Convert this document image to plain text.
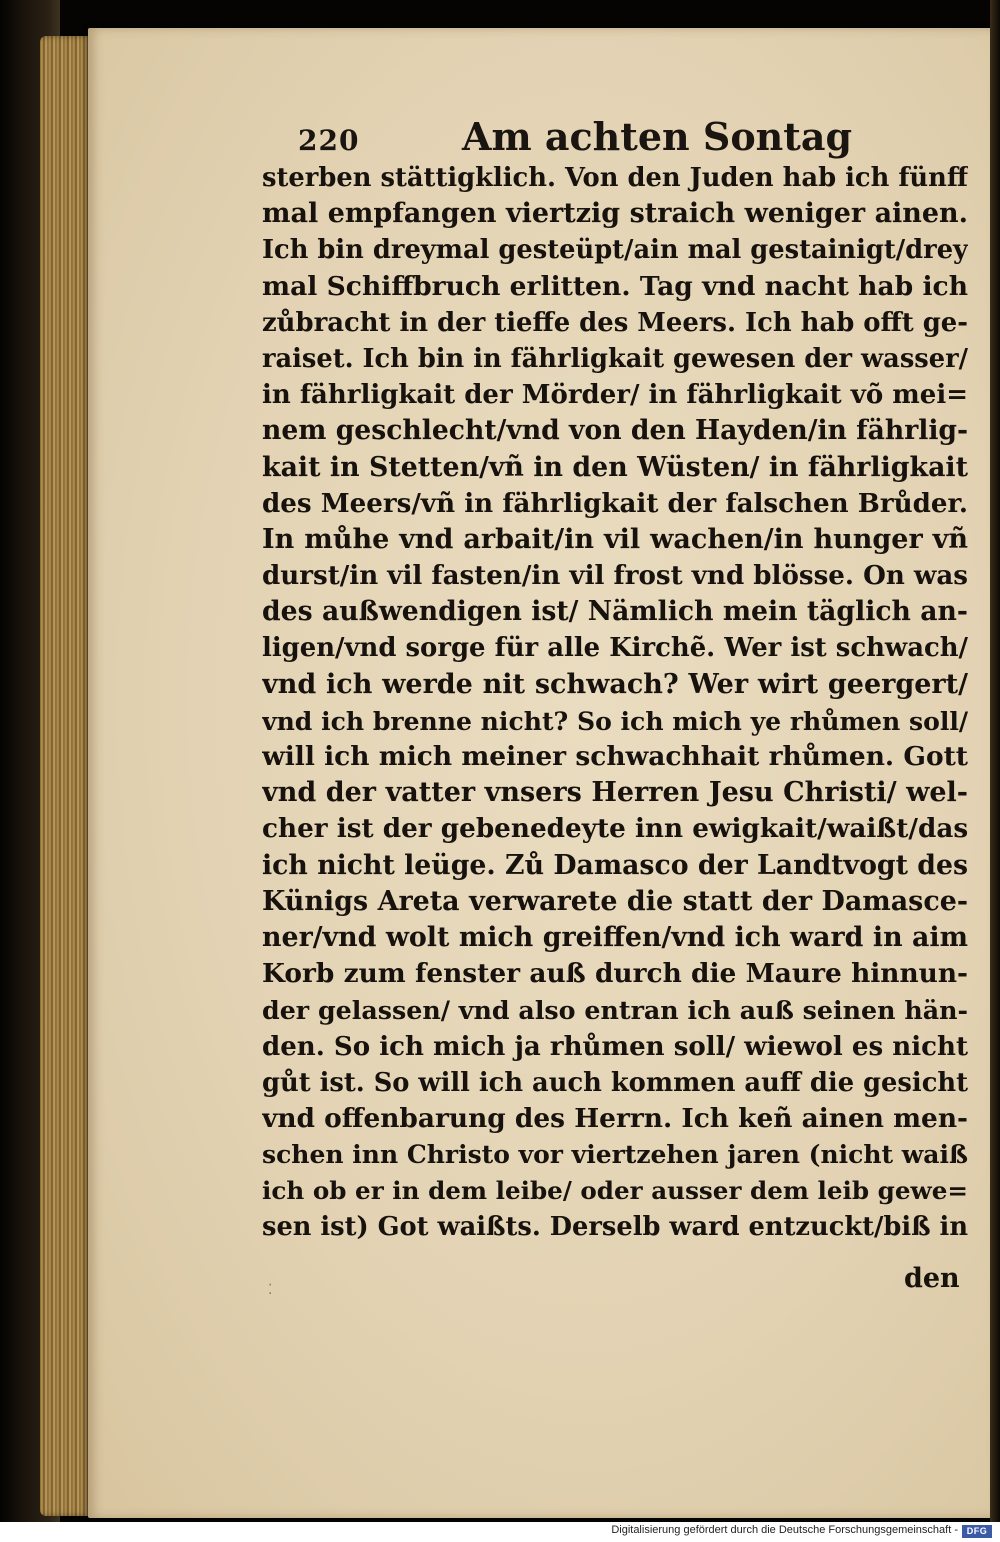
220	Am achten Sontag
sterben stättigklich. Von den Juden hab ich fünff
mal empfangen viertzig straich weniger ainen.
Ich bin dreymal gesteüpt/ain mal gestainigt/drey
mal Schiffbruch erlitten. Tag vnd nacht hab ich
zůbracht in der tieffe des Meers. Ich hab offt ge-
raiset. Ich bin in fährligkait gewesen der wasser/
in fährligkait der Mörder/ in fährligkait võ mei=
nem geschlecht/vnd von den Hayden/in fährlig-
kait in Stetten/vñ in den Wüsten/ in fährligkait
des Meers/vñ in fährligkait der falschen Brůder.
In můhe vnd arbait/in vil wachen/in hunger vñ
durst/in vil fasten/in vil frost vnd blösse. On was
des außwendigen ist/ Nämlich mein täglich an-
ligen/vnd sorge für alle Kirchẽ. Wer ist schwach/
vnd ich werde nit schwach? Wer wirt geergert/
vnd ich brenne nicht? So ich mich ye rhůmen soll/
will ich mich meiner schwachhait rhůmen. Gott
vnd der vatter vnsers Herren Jesu Christi/ wel-
cher ist der gebenedeyte inn ewigkait/waißt/das
ich nicht leüge. Zů Damasco der Landtvogt des
Künigs Areta verwarete die statt der Damasce-
ner/vnd wolt mich greiffen/vnd ich ward in aim
Korb zum fenster auß durch die Maure hinnun-
der gelassen/ vnd also entran ich auß seinen hän-
den. So ich mich ja rhůmen soll/ wiewol es nicht
gůt ist. So will ich auch kommen auff die gesicht
vnd offenbarung des Herrn. Ich keñ ainen men-
schen inn Christo vor viertzehen jaren (nicht waiß
ich ob er in dem leibe/ oder ausser dem leib gewe=
sen ist) Got waißts. Derselb ward entzuckt/biß in
den
⁚
Digitalisierung gefördert durch die Deutsche Forschungsgemeinschaft - DFG
